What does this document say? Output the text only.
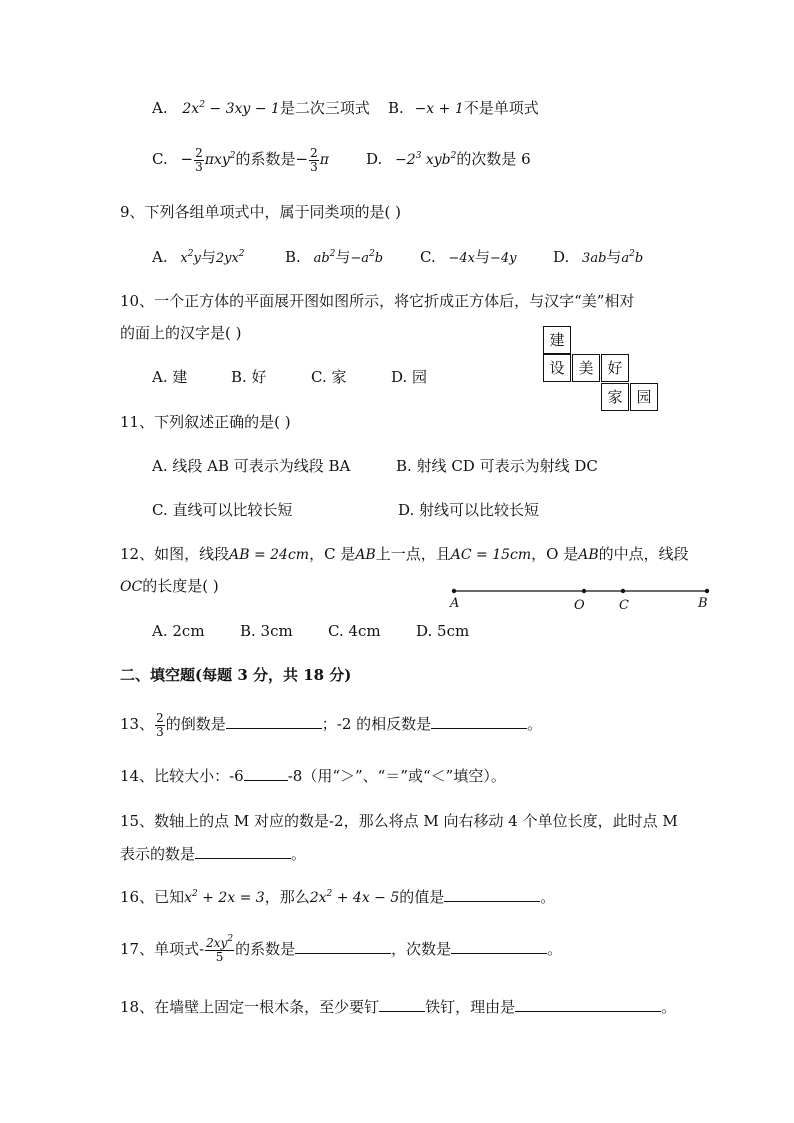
A. $2x^2 - 3xy - 1$是二次三项式 B. −x + 1不是单项式
C. − $\frac{2}{3} \pi xy^2$的系数是− $\frac{2}{3}$ π D. $-2^3$ xyb$^2$的次数是 6
9、下列各组单项式中，属于同类项的是( )
A. $x^2y$与$2yx^2$	B. $ab^2$与$-a^2b$ C. −4x与−4y D. 3ab与$a^2b$
10、一个正方体的平面展开图如图所示，将它折成正方体后，与汉字“美”相对
的面上的汉字是( )
A. 建	B. 好	C. 家	D. 园
建
设 美 好
家 园
11、下列叙述正确的是( )
A. 线段 AB 可表示为线段 BA	B. 射线 CD 可表示为射线 DC
C. 直线可以比较长短	D. 射线可以比较长短
12、如图，线段AB = 24cm，C 是AB上一点，且AC = 15cm，O 是AB的中点，线段
OC的长度是( )
A	O	C	B
A. 2cm B. 3cm C. 4cm D. 5cm
二、填空题(每题 3 分，共 18 分)
13、 $\frac{2}{3}$ 的倒数是	；-2 的相反数是	。
14、比较大小：-6	-8（用“＞”、“＝”或“＜”填空）。
15、数轴上的点 M 对应的数是-2，那么将点 M 向右移动 4 个单位长度，此时点 M
表示的数是	。
16、已知$x^2 + 2x = 3$，那么$2x^2 + 4x - 5$的值是	。
17、单项式- $\frac{2xy^2}{5}$ 的系数是	，次数是	。
18、在墙壁上固定一根木条，至少要钉	铁钉，理由是	。
